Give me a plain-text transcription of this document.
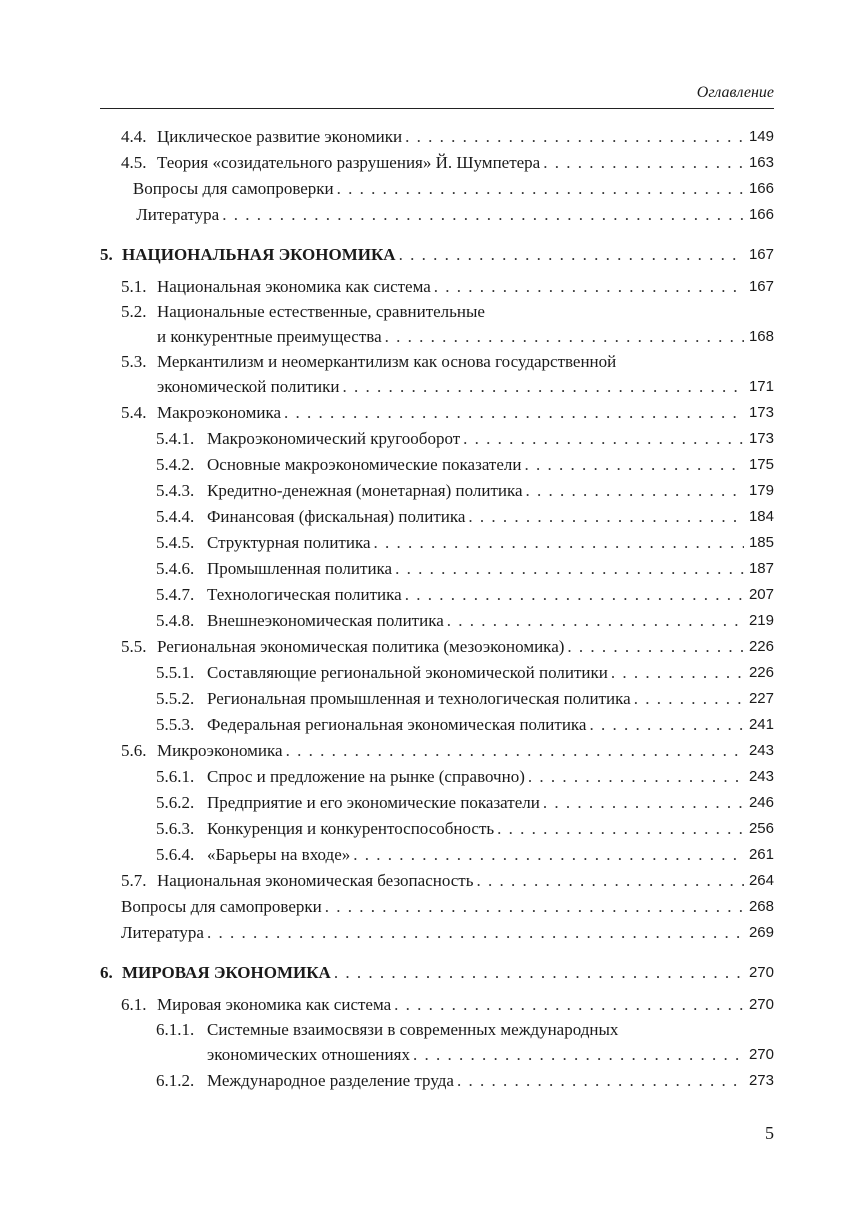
Оглавление
4.4. Циклическое развитие экономики . . .	149
4.5. Теория «созидательного разрушения» Й. Шумпетера . . .	163
Вопросы для самопроверки . . .	166
Литература . . .	166
5. НАЦИОНАЛЬНАЯ ЭКОНОМИКА . . .	167
5.1. Национальная экономика как система . . .	167
5.2. Национальные естественные, сравнительные
и конкурентные преимущества . . .	168
5.3. Меркантилизм и неомеркантилизм как основа государственной
экономической политики . . .	171
5.4. Макроэкономика . . .	173
5.4.1. Макроэкономический кругооборот . . .	173
5.4.2. Основные макроэкономические показатели . . .	175
5.4.3. Кредитно-денежная (монетарная) политика . . .	179
5.4.4. Финансовая (фискальная) политика . . .	184
5.4.5. Структурная политика . . .	185
5.4.6. Промышленная политика . . .	187
5.4.7. Технологическая политика . . .	207
5.4.8. Внешнеэкономическая политика . . .	219
5.5. Региональная экономическая политика (мезоэкономика) . . .	226
5.5.1. Составляющие региональной экономической политики . . .	226
5.5.2. Региональная промышленная и технологическая политика . . .	227
5.5.3. Федеральная региональная экономическая политика . . .	241
5.6. Микроэкономика . . .	243
5.6.1. Спрос и предложение на рынке (справочно) . . .	243
5.6.2. Предприятие и его экономические показатели . . .	246
5.6.3. Конкуренция и конкурентоспособность . . .	256
5.6.4. «Барьеры на входе» . . .	261
5.7. Национальная экономическая безопасность . . .	264
Вопросы для самопроверки . . .	268
Литература . . .	269
6. МИРОВАЯ ЭКОНОМИКА . . .	270
6.1. Мировая экономика как система . . .	270
6.1.1. Системные взаимосвязи в современных международных
экономических отношениях . . .	270
6.1.2. Международное разделение труда . . .	273
5
